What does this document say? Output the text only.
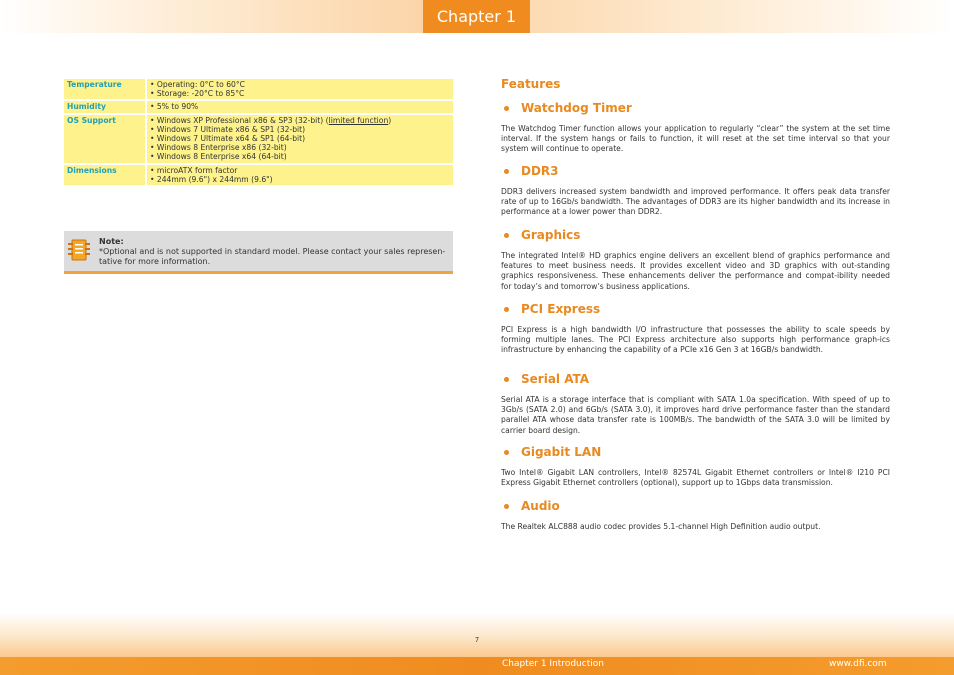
Chapter 1
Temperature	• Operating: 0°C to 60°C
• Storage: -20°C to 85°C

Humidity	• 5% to 90%

OS Support	• Windows XP Professional x86 & SP3 (32-bit) (limited function)
• Windows 7 Ultimate x86 & SP1 (32-bit)
• Windows 7 Ultimate x64 & SP1 (64-bit)
• Windows 8 Enterprise x86 (32-bit)
• Windows 8 Enterprise x64 (64-bit)

Dimensions	• microATX form factor
• 244mm (9.6") x 244mm (9.6")
Note:
*Optional and is not supported in standard model. Please contact your sales represen-tative for more information.
Features
Watchdog Timer
The Watchdog Timer function allows your application to regularly “clear” the system at the set time interval. If the system hangs or fails to function, it will reset at the set time interval so that your system will continue to operate.
DDR3
DDR3 delivers increased system bandwidth and improved performance. It offers peak data transfer rate of up to 16Gb/s bandwidth. The advantages of DDR3 are its higher bandwidth and its increase in performance at a lower power than DDR2.
Graphics
The integrated Intel® HD graphics engine delivers an excellent blend of graphics performance and features to meet business needs. It provides excellent video and 3D graphics with out-standing graphics responsiveness. These enhancements deliver the performance and compat-ibility needed for today’s and tomorrow’s business applications.
PCI Express
PCI Express is a high bandwidth I/O infrastructure that possesses the ability to scale speeds by forming multiple lanes. The PCI Express architecture also supports high performance graph-ics infrastructure by enhancing the capability of a PCIe x16 Gen 3 at 16GB/s bandwidth.
Serial ATA
Serial ATA is a storage interface that is compliant with SATA 1.0a specification. With speed of up to 3Gb/s (SATA 2.0) and 6Gb/s (SATA 3.0), it improves hard drive performance faster than the standard parallel ATA whose data transfer rate is 100MB/s. The bandwidth of the SATA 3.0 will be limited by carrier board design.
Gigabit LAN
Two Intel® Gigabit LAN controllers, Intel® 82574L Gigabit Ethernet controllers or Intel® I210 PCI Express Gigabit Ethernet controllers (optional), support up to 1Gbps data transmission.
Audio
The Realtek ALC888 audio codec provides 5.1-channel High Definition audio output.
7
Chapter 1 Introduction	www.dfi.com
